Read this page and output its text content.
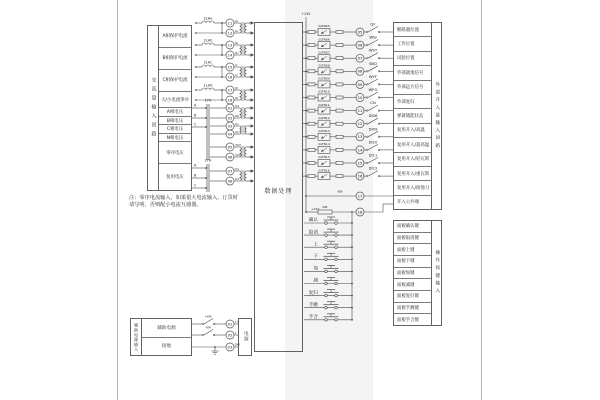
2LHa
11 Ia
12 Ia'
2LHb
13 Ib
14 Ib'
2LHc
15 Ic
16 Ic'
1LH0
17 I0
18 I0'
A
B
C
1YH
01 Ua
02 Ub
03 Uc
04 Un
05 3U0
06 3U0'
A
B
C
2YH
07 Ux
08 Ux'
+24V
GLTN05
05
QF
GLTN06
06
WSJ
GLTN07
07
WST
GLTN08
08
WJD
GLTN09
09
WYF
GLTN10
10
WFG
GLTN11
11
CN
GLTN12
12
DI08
GLTN13
13
DI09
GLTN14
14
DI10
GLTN15
15
DI11
GLTN16
16
DI12
KIB
17
KIB
+24V
18
确认
取消
上
下
加
减
复归
手跳
手合
+KM
01 L+
-KM
02 L-
03 GND
交流量输入回路
A相保护电流
B相保护电流
C相保护电流
大/小电流零序
A相电压
B相电压
C相电压
N相电压
零序电压
复用电压
注：零序电流输入，如果很大电流输入，订货时请写明，否则配小电流互感器。
辅助电源输入	辅助电源
接地
数据处理
电源
断路器位置
工作位置
试验位置
外部就地信号
外部远方信号
外部复归
弹簧储能状态
复用开入/高温
复用开入/超高温
复用开入/轻瓦斯
复用开入/重瓦斯
复用开入/接地刀
开入公共端
外部开入量输入回路
面板确认键
面板取消键
面板上键
面板下键
面板加键
面板减键
面板复归键
面板手跳键
面板手合键
操作按键输入
